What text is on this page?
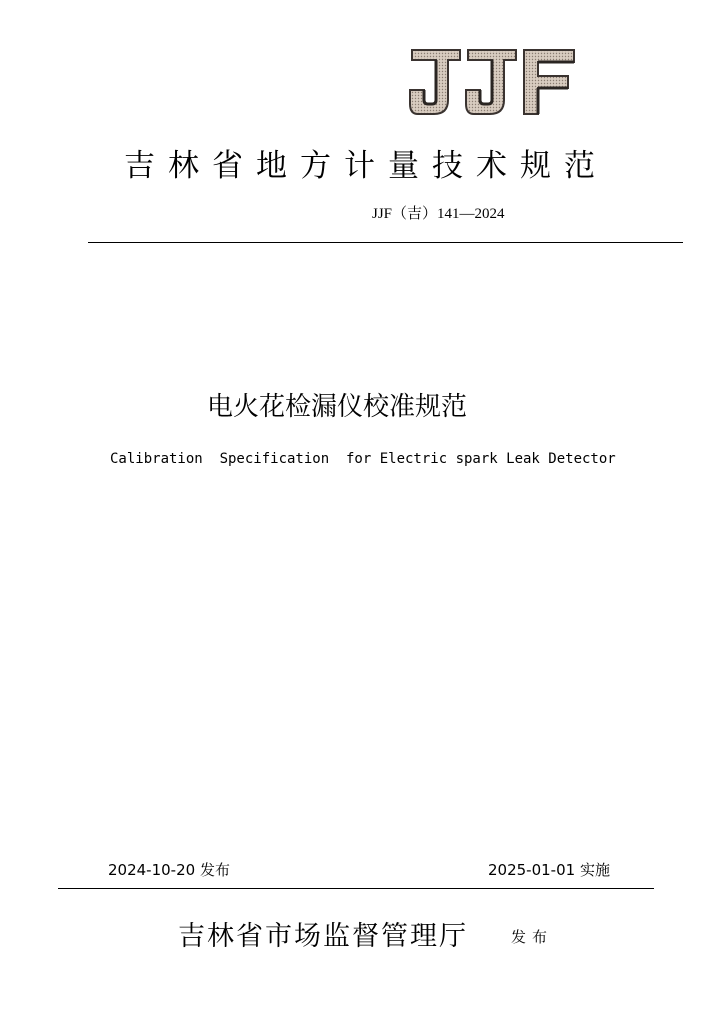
吉林省地方计量技术规范
JJF（吉）141—2024
电火花检漏仪校准规范
Calibration  Specification  for Electric spark Leak Detector
2024-10-20 发布	2025-01-01 实施
吉林省市场监督管理厅	发布
